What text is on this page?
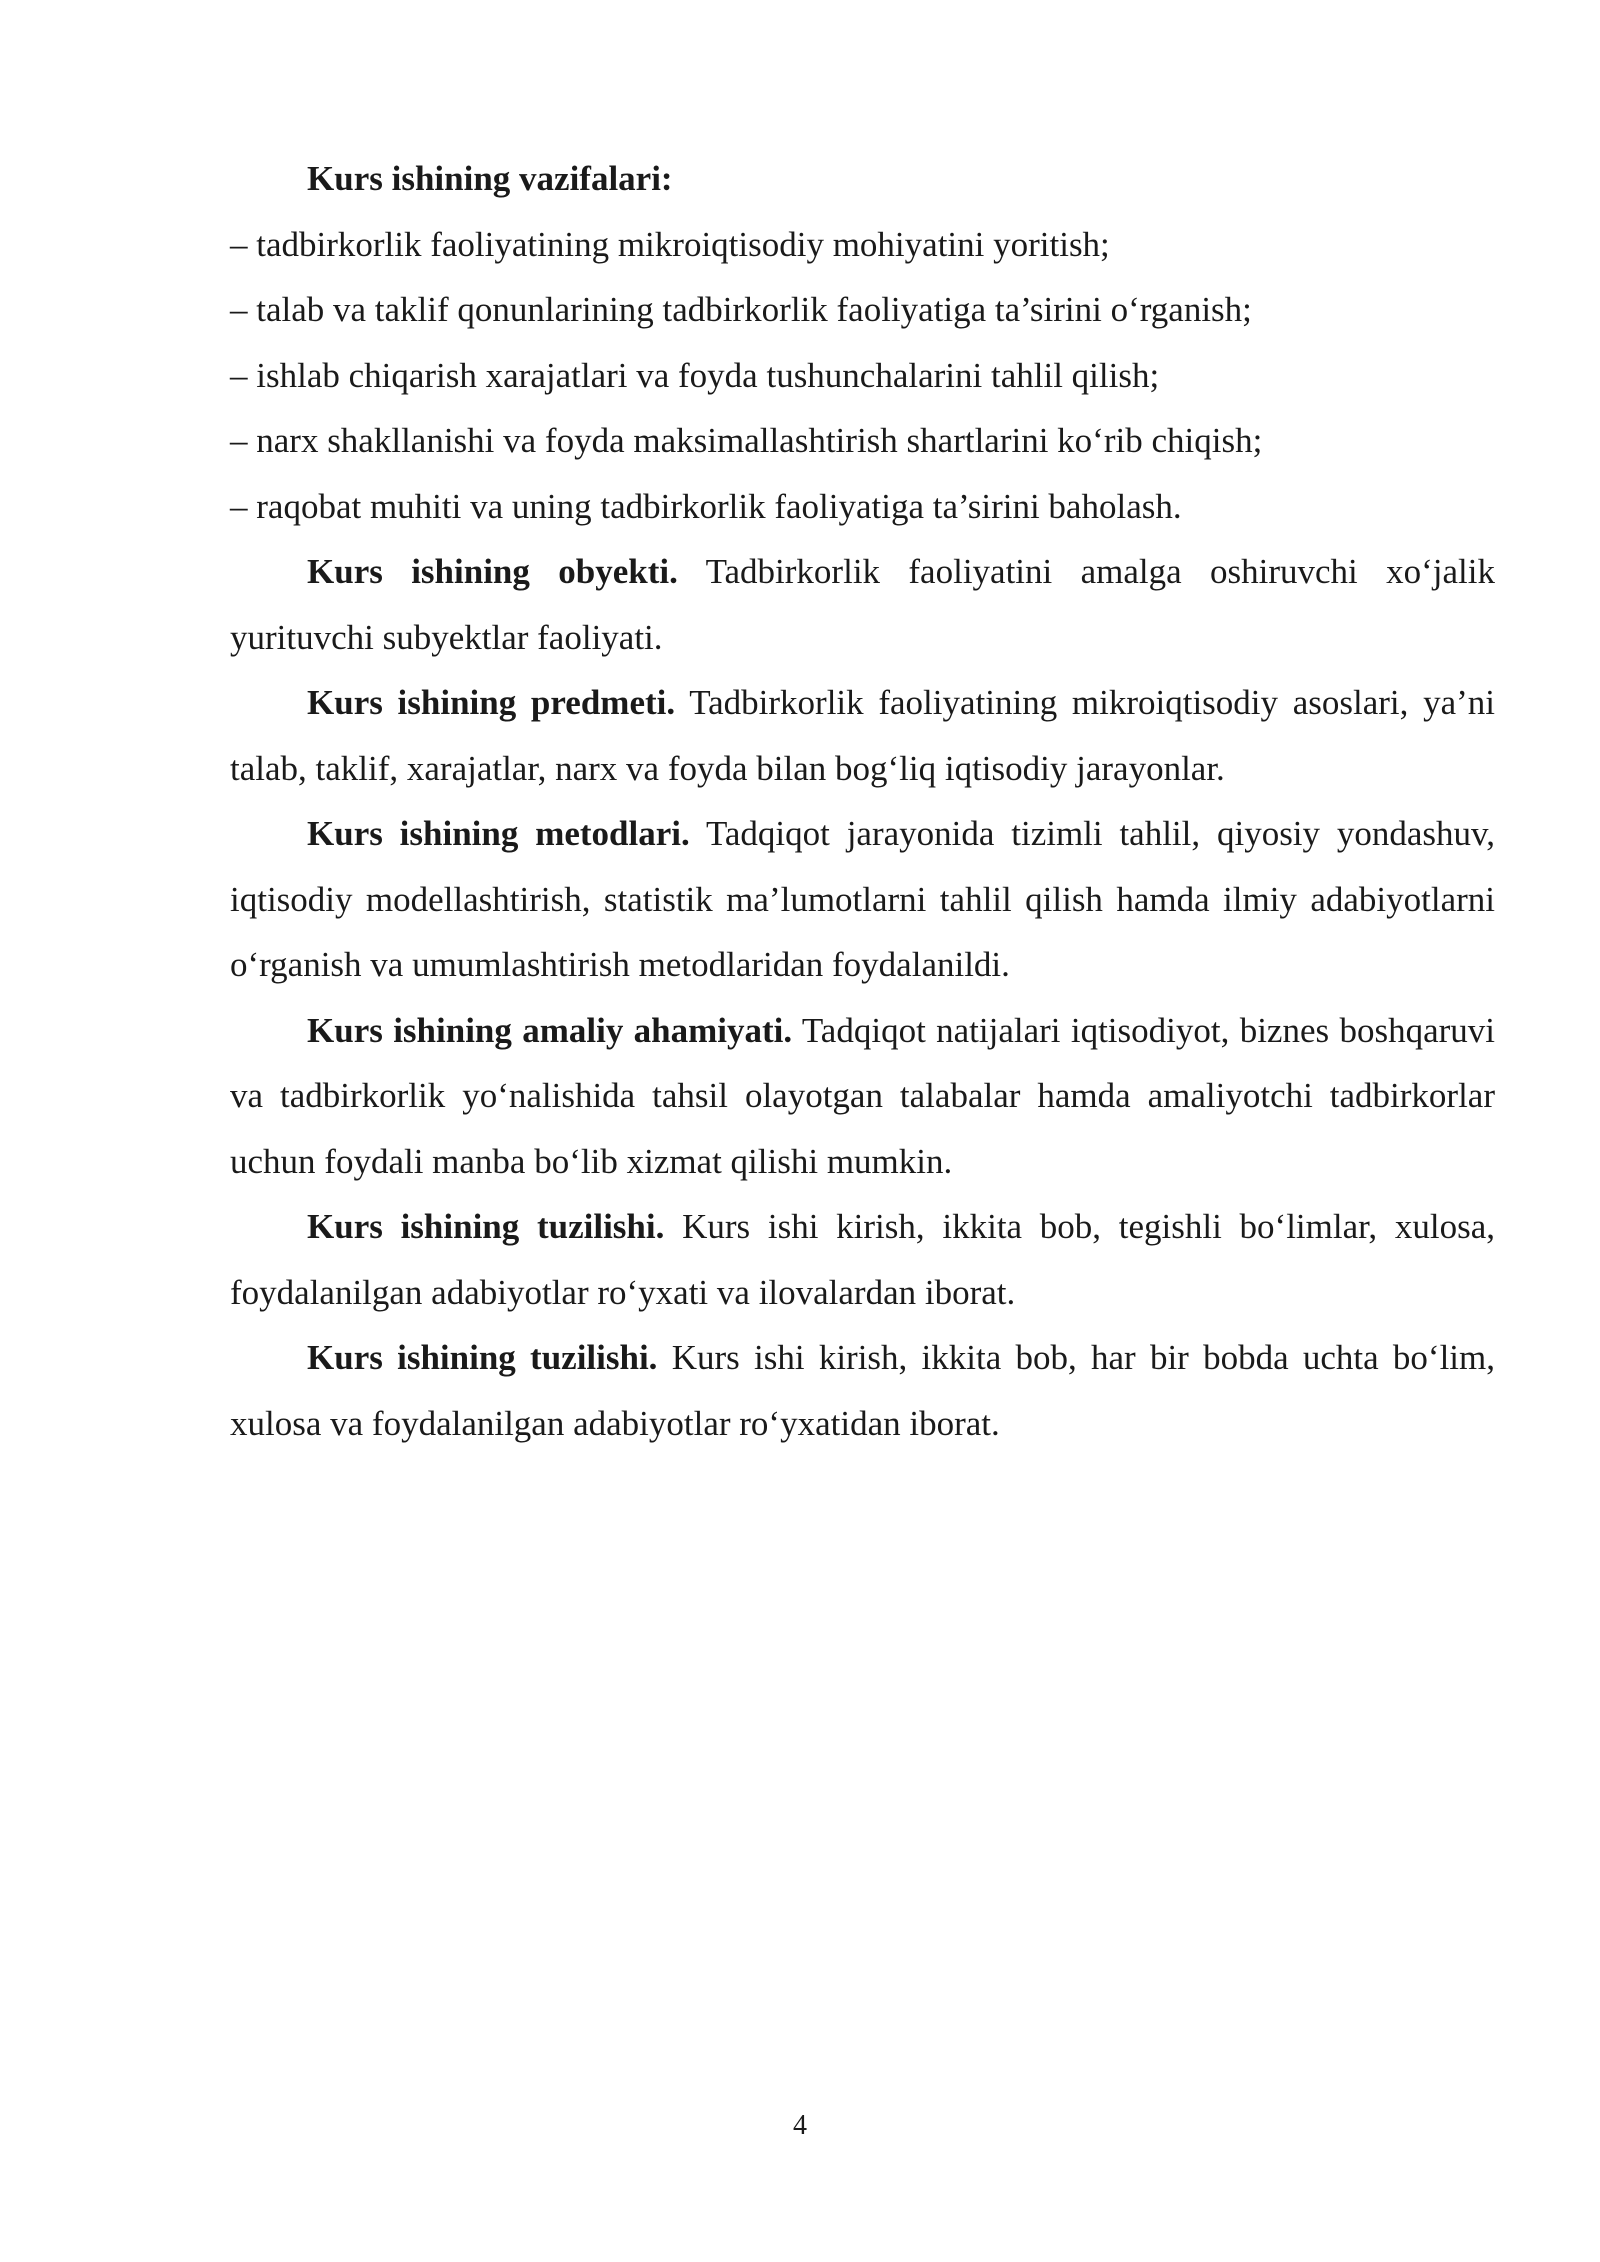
Kurs ishining vazifalari:

– tadbirkorlik faoliyatining mikroiqtisodiy mohiyatini yoritish;

– talab va taklif qonunlarining tadbirkorlik faoliyatiga ta’sirini o‘rganish;

– ishlab chiqarish xarajatlari va foyda tushunchalarini tahlil qilish;

– narx shakllanishi va foyda maksimallashtirish shartlarini ko‘rib chiqish;

– raqobat muhiti va uning tadbirkorlik faoliyatiga ta’sirini baholash.

Kurs ishining obyekti. Tadbirkorlik faoliyatini amalga oshiruvchi xo‘jalik yurituvchi subyektlar faoliyati.

Kurs ishining predmeti. Tadbirkorlik faoliyatining mikroiqtisodiy asoslari, ya’ni talab, taklif, xarajatlar, narx va foyda bilan bog‘liq iqtisodiy jarayonlar.

Kurs ishining metodlari. Tadqiqot jarayonida tizimli tahlil, qiyosiy yondashuv, iqtisodiy modellashtirish, statistik ma’lumotlarni tahlil qilish hamda ilmiy adabiyotlarni o‘rganish va umumlashtirish metodlaridan foydalanildi.

Kurs ishining amaliy ahamiyati. Tadqiqot natijalari iqtisodiyot, biznes boshqaruvi va tadbirkorlik yo‘nalishida tahsil olayotgan talabalar hamda amaliyotchi tadbirkorlar uchun foydali manba bo‘lib xizmat qilishi mumkin.

Kurs ishining tuzilishi. Kurs ishi kirish, ikkita bob, tegishli bo‘limlar, xulosa, foydalanilgan adabiyotlar ro‘yxati va ilovalardan iborat.

Kurs ishining tuzilishi. Kurs ishi kirish, ikkita bob, har bir bobda uchta bo‘lim, xulosa va foydalanilgan adabiyotlar ro‘yxatidan iborat.

4
